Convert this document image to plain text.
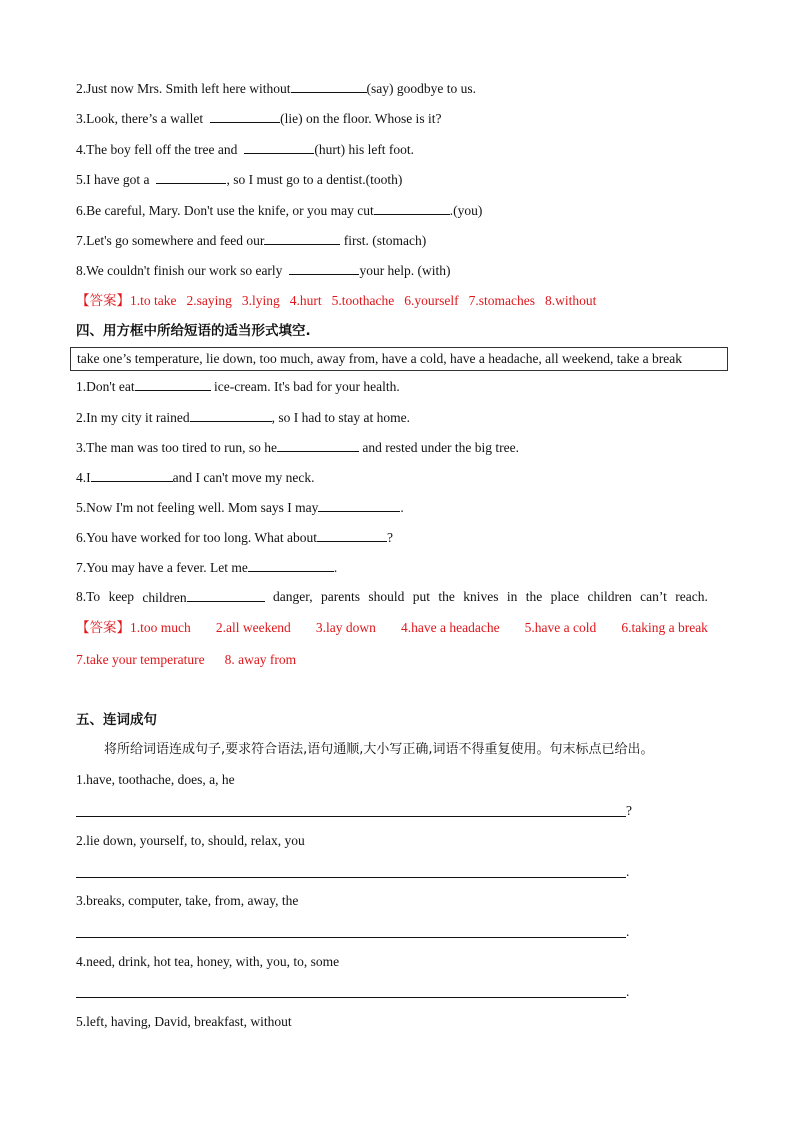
2.Just now Mrs. Smith left here without	(say) goodbye to us.
3.Look, there’s a wallet	(lie) on the floor. Whose is it?
4.The boy fell off the tree and	(hurt) his left foot.
5.I have got a	, so I must go to a dentist.(tooth)
6.Be careful, Mary. Don't use the knife, or you may cut	.(you)
7.Let's go somewhere and feed our	first. (stomach)
8.We couldn't finish our work so early	your help. (with)
【答案】1.to take 2.saying 3.lying 4.hurt 5.toothache 6.yourself 7.stomaches 8.without
四、用方框中所给短语的适当形式填空.
take one’s temperature, lie down, too much, away from, have a cold, have a headache, all weekend, take a break
1.Don't eat	ice-cream. It's bad for your health.
2.In my city it rained	, so I had to stay at home.
3.The man was too tired to run, so he	and rested under the big tree.
4.I	and I can't move my neck.
5.Now I'm not feeling well. Mom says I may	.
6.You have worked for too long. What about	?
7.You may have a fever. Let me	.
8.To keep children	danger, parents should put the knives in the place children can’t reach.
【答案】1.too much 2.all weekend 3.lay down 4.have a headache 5.have a cold 6.taking a break
7.take your temperature 8. away from
五、连词成句
将所给词语连成句子,要求符合语法,语句通顺,大小写正确,词语不得重复使用。句末标点已给出。
1.have, toothache, does, a, he
?
2.lie down, yourself, to, should, relax, you
.
3.breaks, computer, take, from, away, the
.
4.need, drink, hot tea, honey, with, you, to, some
.
5.left, having, David, breakfast, without
